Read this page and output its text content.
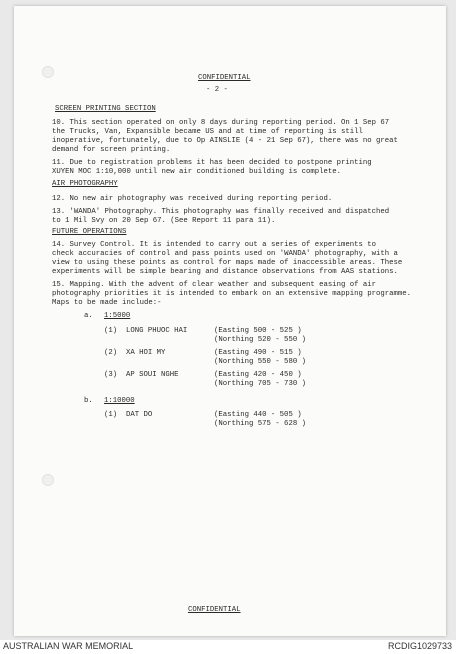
CONFIDENTIAL
- 2 -
SCREEN PRINTING SECTION
10. This section operated on only 8 days during reporting period. On 1 Sep 67
the Trucks, Van, Expansible became US and at time of reporting is still
inoperative, fortunately, due to Op AINSLIE (4 - 21 Sep 67), there was no great
demand for screen printing.
11. Due to registration problems it has been decided to postpone printing
XUYEN MOC 1:10,000 until new air conditioned building is complete.
AIR PHOTOGRAPHY
12. No new air photography was received during reporting period.
13. 'WANDA' Photography. This photography was finally received and dispatched
to 1 Mil Svy on 20 Sep 67. (See Report 11 para 11).
FUTURE OPERATIONS
14. Survey Control. It is intended to carry out a series of experiments to
check accuracies of control and pass points used on 'WANDA' photography, with a
view to using these points as control for maps made of inaccessible areas. These
experiments will be simple bearing and distance observations from AAS stations.
15. Mapping. With the advent of clear weather and subsequent easing of air
photography priorities it is intended to embark on an extensive mapping programme.
Maps to be made include:-
a. 1:5000
(1) LONG PHUOC HAI	(Easting 500 - 525 )
(Northing 520 - 550 )
(2) XA HOI MY	(Easting 490 - 515 )
(Northing 550 - 580 )
(3) AP SOUI NGHE	(Easting 420 - 450 )
(Northing 705 - 730 )
b. 1:10000
(1) DAT DO	(Easting 440 - 505 )
(Northing 575 - 628 )
CONFIDENTIAL
AUSTRALIAN WAR MEMORIAL	RCDIG1029733
